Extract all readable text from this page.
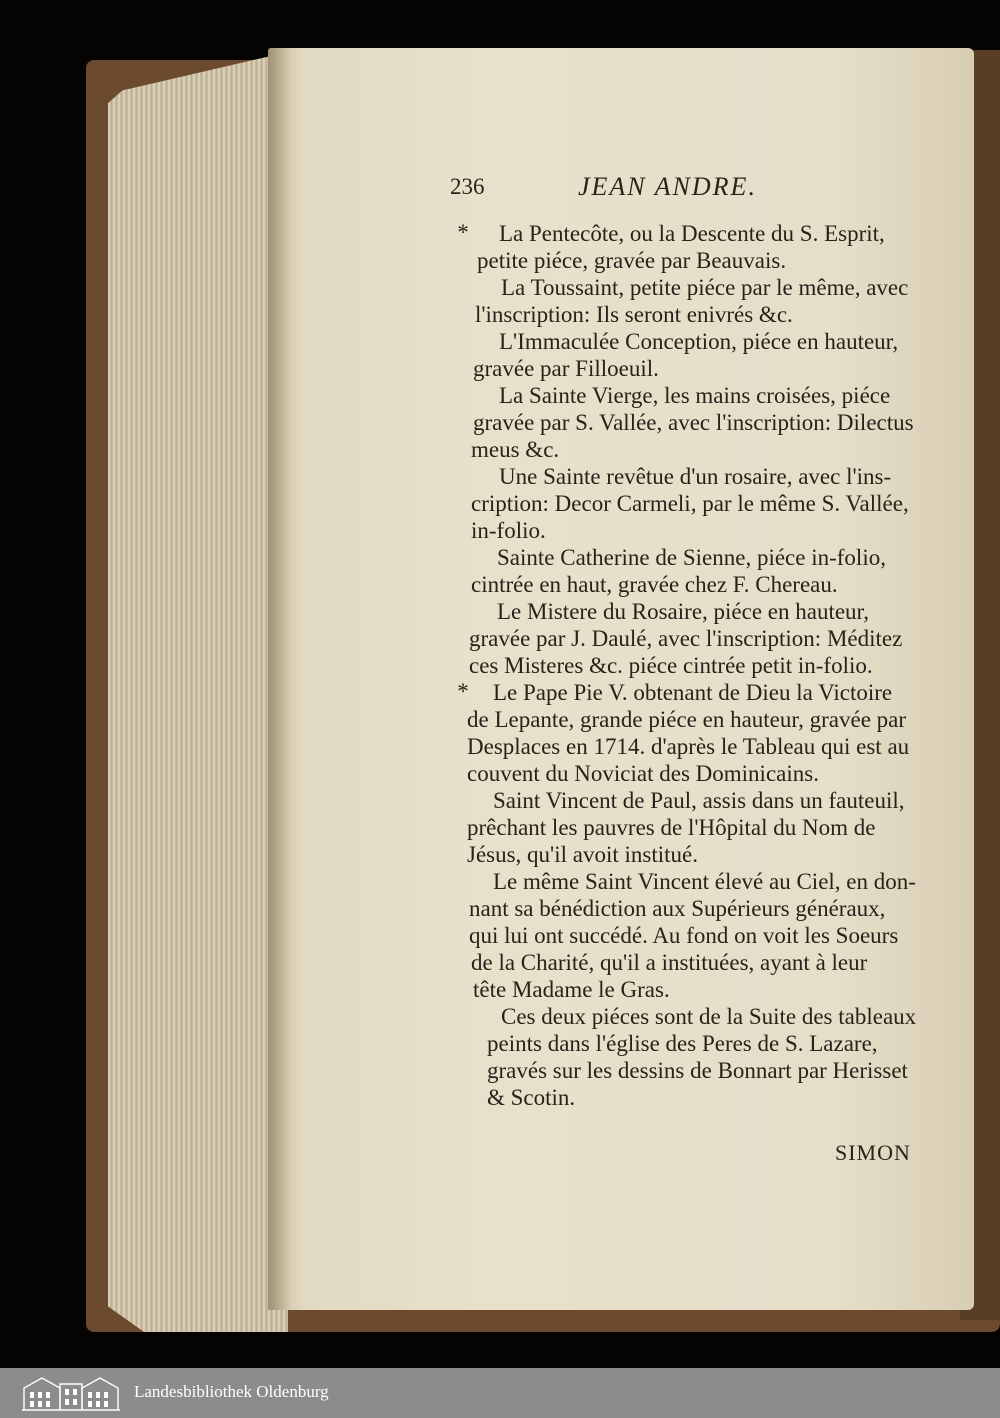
236	JEAN ANDRE.
*
*
La Pentecôte, ou la Descente du S. Esprit,
petite piéce, gravée par Beauvais.
La Toussaint, petite piéce par le même, avec
l'inscription: Ils seront enivrés &c.
L'Immaculée Conception, piéce en hauteur,
gravée par Filloeuil.
La Sainte Vierge, les mains croisées, piéce
gravée par S. Vallée, avec l'inscription: Dilectus
meus &c.
Une Sainte revêtue d'un rosaire, avec l'ins-
cription: Decor Carmeli, par le même S. Vallée,
in-folio.
Sainte Catherine de Sienne, piéce in-folio,
cintrée en haut, gravée chez F. Chereau.
Le Mistere du Rosaire, piéce en hauteur,
gravée par J. Daulé, avec l'inscription: Méditez
ces Misteres &c. piéce cintrée petit in-folio.
Le Pape Pie V. obtenant de Dieu la Victoire
de Lepante, grande piéce en hauteur, gravée par
Desplaces en 1714. d'après le Tableau qui est au
couvent du Noviciat des Dominicains.
Saint Vincent de Paul, assis dans un fauteuil,
prêchant les pauvres de l'Hôpital du Nom de
Jésus, qu'il avoit institué.
Le même Saint Vincent élevé au Ciel, en don-
nant sa bénédiction aux Supérieurs généraux,
qui lui ont succédé. Au fond on voit les Soeurs
de la Charité, qu'il a instituées, ayant à leur
tête Madame le Gras.
Ces deux piéces sont de la Suite des tableaux
peints dans l'église des Peres de S. Lazare,
gravés sur les dessins de Bonnart par Herisset
& Scotin.
SIMON
Landesbibliothek Oldenburg
